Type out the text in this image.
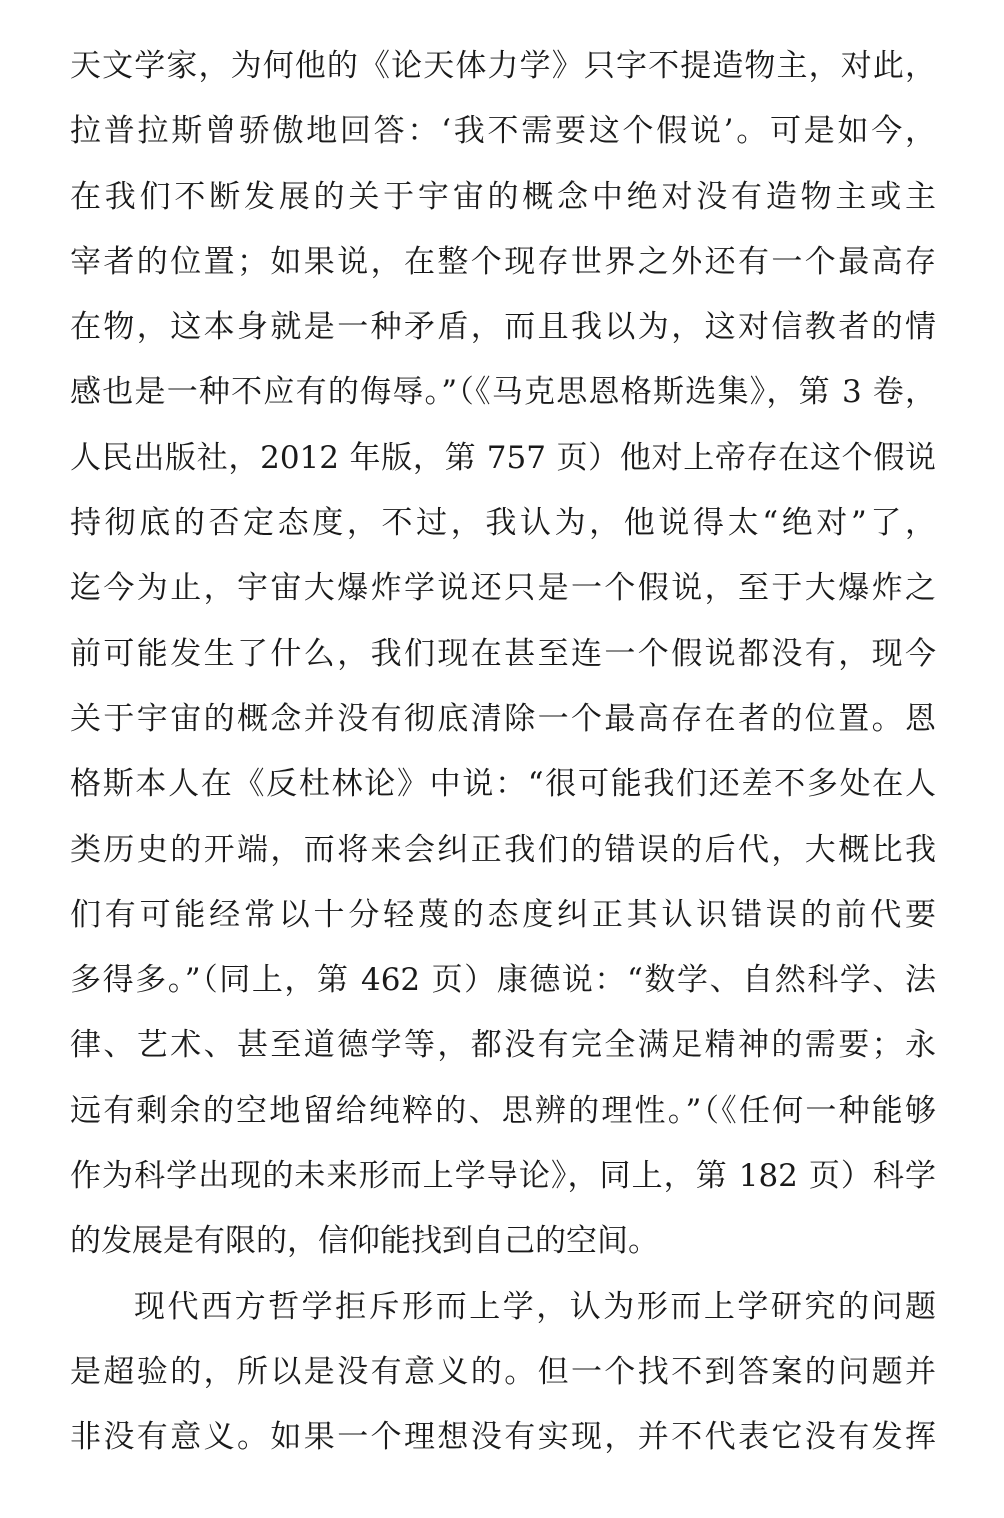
天文学家，为何他的《论天体力学》只字不提造物主，对此，
拉普拉斯曾骄傲地回答：‘我不需要这个假说’。可是如今，
在我们不断发展的关于宇宙的概念中绝对没有造物主或主
宰者的位置；如果说，在整个现存世界之外还有一个最高存
在物，这本身就是一种矛盾，而且我以为，这对信教者的情
感也是一种不应有的侮辱。”（《马克思恩格斯选集》，第 3 卷，
人民出版社，2012 年版，第 757 页）他对上帝存在这个假说
持彻底的否定态度，不过，我认为，他说得太“绝对”了，
迄今为止，宇宙大爆炸学说还只是一个假说，至于大爆炸之
前可能发生了什么，我们现在甚至连一个假说都没有，现今
关于宇宙的概念并没有彻底清除一个最高存在者的位置。恩
格斯本人在《反杜林论》中说：“很可能我们还差不多处在人
类历史的开端，而将来会纠正我们的错误的后代，大概比我
们有可能经常以十分轻蔑的态度纠正其认识错误的前代要
多得多。”（同上，第 462 页）康德说：“数学、自然科学、法
律、艺术、甚至道德学等，都没有完全满足精神的需要；永
远有剩余的空地留给纯粹的、思辨的理性。”（《任何一种能够
作为科学出现的未来形而上学导论》，同上，第 182 页）科学
的发展是有限的，信仰能找到自己的空间。
现代西方哲学拒斥形而上学，认为形而上学研究的问题
是超验的，所以是没有意义的。但一个找不到答案的问题并
非没有意义。如果一个理想没有实现，并不代表它没有发挥
